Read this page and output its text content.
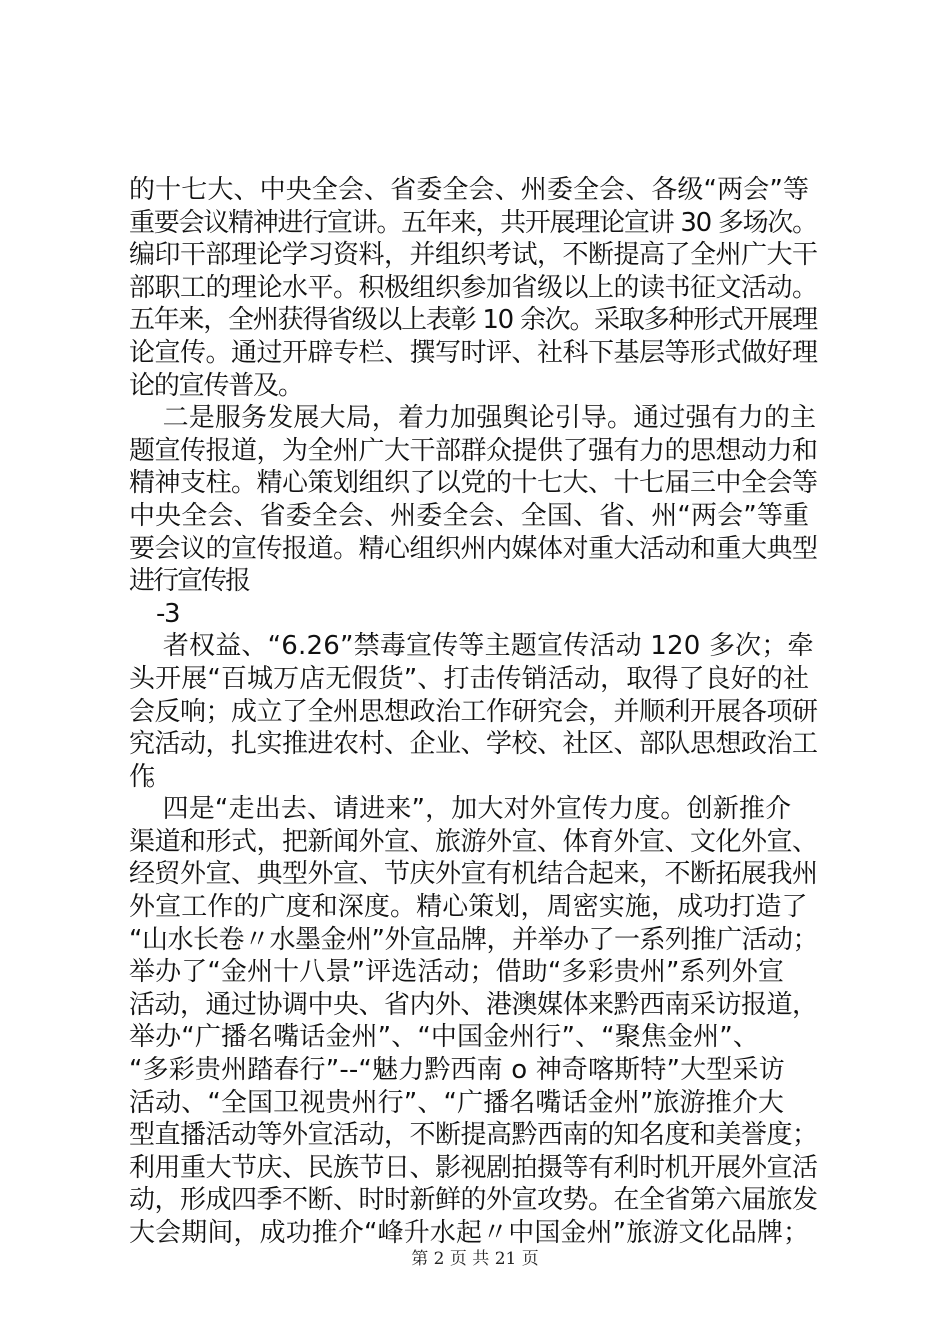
的十七大、中央全会、省委全会、州委全会、各级“两会”等
重要会议精神进行宣讲。五年来，共开展理论宣讲 30 多场次。
编印干部理论学习资料，并组织考试，不断提高了全州广大干
部职工的理论水平。积极组织参加省级以上的读书征文活动。
五年来，全州获得省级以上表彰 10 余次。采取多种形式开展理
论宣传。通过开辟专栏、撰写时评、社科下基层等形式做好理
论的宣传普及。
二是服务发展大局，着力加强舆论引导。通过强有力的主
题宣传报道，为全州广大干部群众提供了强有力的思想动力和
精神支柱。精心策划组织了以党的十七大、十七届三中全会等
中央全会、省委全会、州委全会、全国、省、州“两会”等重
要会议的宣传报道。精心组织州内媒体对重大活动和重大典型
进行宣传报
-3
者权益、“6.26”禁毒宣传等主题宣传活动 120 多次；牵
头开展“百城万店无假货”、打击传销活动，取得了良好的社
会反响；成立了全州思想政治工作研究会，并顺利开展各项研
究活动，扎实推进农村、企业、学校、社区、部队思想政治工
作。
四是“走出去、请进来”，加大对外宣传力度。创新推介
渠道和形式，把新闻外宣、旅游外宣、体育外宣、文化外宣、
经贸外宣、典型外宣、节庆外宣有机结合起来，不断拓展我州
外宣工作的广度和深度。精心策划，周密实施，成功打造了
“山水长卷〃水墨金州”外宣品牌，并举办了一系列推广活动；
举办了“金州十八景”评选活动；借助“多彩贵州”系列外宣
活动，通过协调中央、省内外、港澳媒体来黔西南采访报道，
举办“广播名嘴话金州”、“中国金州行”、“聚焦金州”、
“多彩贵州踏春行”--“魅力黔西南 o 神奇喀斯特”大型采访
活动、“全国卫视贵州行”、“广播名嘴话金州”旅游推介大
型直播活动等外宣活动，不断提高黔西南的知名度和美誉度；
利用重大节庆、民族节日、影视剧拍摄等有利时机开展外宣活
动，形成四季不断、时时新鲜的外宣攻势。在全省第六届旅发
大会期间，成功推介“峰升水起〃中国金州”旅游文化品牌；
第 2 页 共 21 页
